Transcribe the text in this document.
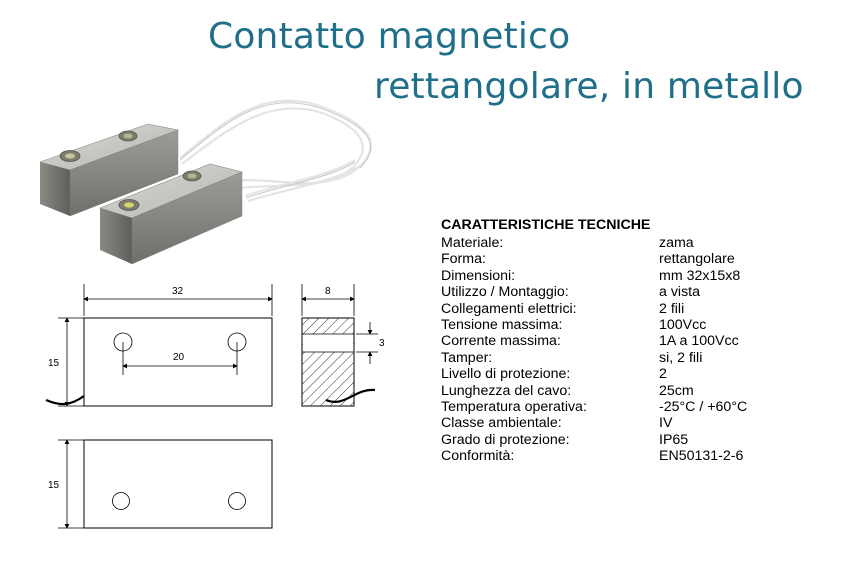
Contatto magnetico
rettangolare, in metallo
32	8
15
20
3
15
CARATTERISTICHE TECNICHE
Materiale:	zama
Forma:	rettangolare
Dimensioni:	mm 32x15x8
Utilizzo / Montaggio:	a vista
Collegamenti elettrici:	2 fili
Tensione massima:	100Vcc
Corrente massima:	1A a 100Vcc
Tamper:	si, 2 fili
Livello di protezione:	2
Lunghezza del cavo:	25cm
Temperatura operativa:	-25°C / +60°C
Classe ambientale:	IV
Grado di protezione:	IP65
Conformità:	EN50131-2-6
